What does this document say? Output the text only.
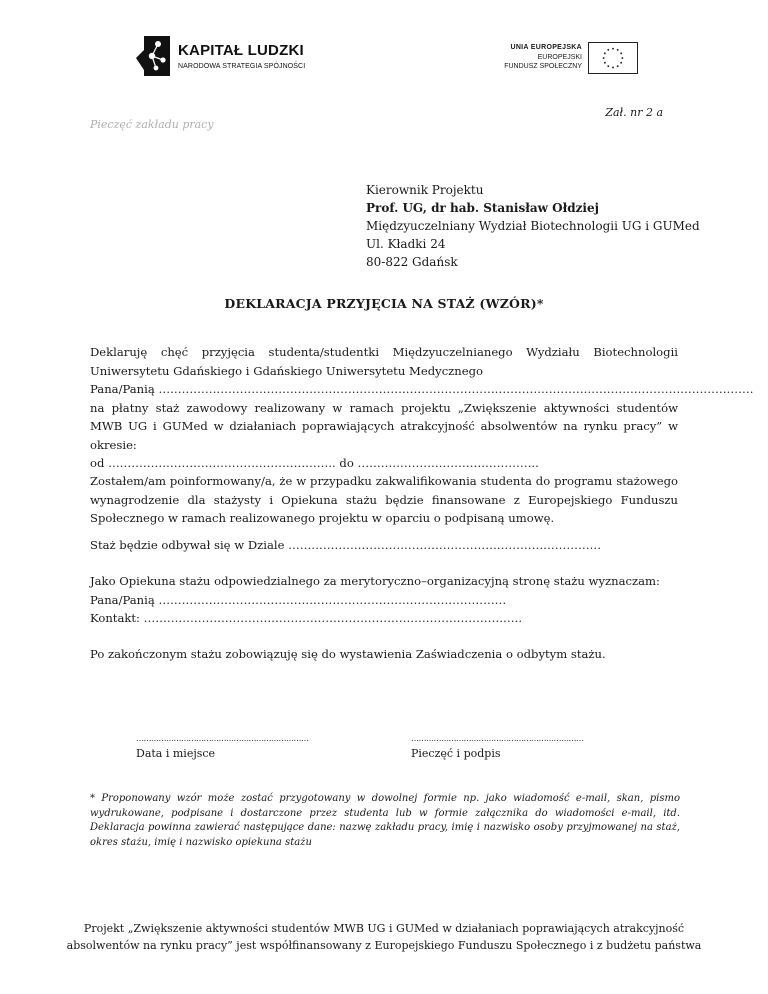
KAPITAŁ LUDZKI
NARODOWA STRATEGIA SPÓJNOŚCI
UNIA EUROPEJSKA
EUROPEJSKI
FUNDUSZ SPOŁECZNY
Zał. nr 2 a
Pieczęć zakładu pracy
Kierownik Projektu
Prof. UG, dr hab. Stanisław Ołdziej
Międzyuczelniany Wydział Biotechnologii UG i GUMed
Ul. Kładki 24
80-822 Gdańsk
DEKLARACJA PRZYJĘCIA NA STAŻ (WZÓR)*

Deklaruję chęć przyjęcia studenta/studentki Międzyuczelnianego Wydziału Biotechnologii Uniwersytetu Gdańskiego i Gdańskiego Uniwersytetu Medycznego

Pana/Panią ……………………………………………………………………………………………………………………………………….

na płatny staż zawodowy realizowany w ramach projektu „Zwiększenie aktywności studentów MWB UG i GUMed w działaniach poprawiających atrakcyjność absolwentów na rynku pracy” w okresie:

od ………………………………………………….. do ………………………………………..

Zostałem/am poinformowany/a, że w przypadku zakwalifikowania studenta do programu stażowego wynagrodzenie dla stażysty i Opiekuna stażu będzie finansowane z Europejskiego Funduszu Społecznego w ramach realizowanego projektu w oparciu o podpisaną umowę.
Staż będzie odbywał się w Dziale ………………………………………………………………………

Jako Opiekuna stażu odpowiedzialnego za merytoryczno–organizacyjną stronę stażu wyznaczam:

Pana/Panią ………………………………………………………………………………

Kontakt: ……………………………………………………………………………………..

Po zakończonym stażu zobowiązuję się do wystawienia Zaświadczenia o odbytym stażu.
……………………………………………………………
Data i miejsce
……………………………………………………………
Pieczęć i podpis
* Proponowany wzór może zostać przygotowany w dowolnej formie np. jako wiadomość e-mail, skan, pismo wydrukowane, podpisane i dostarczone przez studenta lub w formie załącznika do wiadomości e-mail, itd. Deklaracja powinna zawierać następujące dane: nazwę zakładu pracy, imię i nazwisko osoby przyjmowanej na staż, okres stażu, imię i nazwisko opiekuna stażu
Projekt „Zwiększenie aktywności studentów MWB UG i GUMed w działaniach poprawiających atrakcyjność
absolwentów na rynku pracy” jest współfinansowany z Europejskiego Funduszu Społecznego i z budżetu państwa
